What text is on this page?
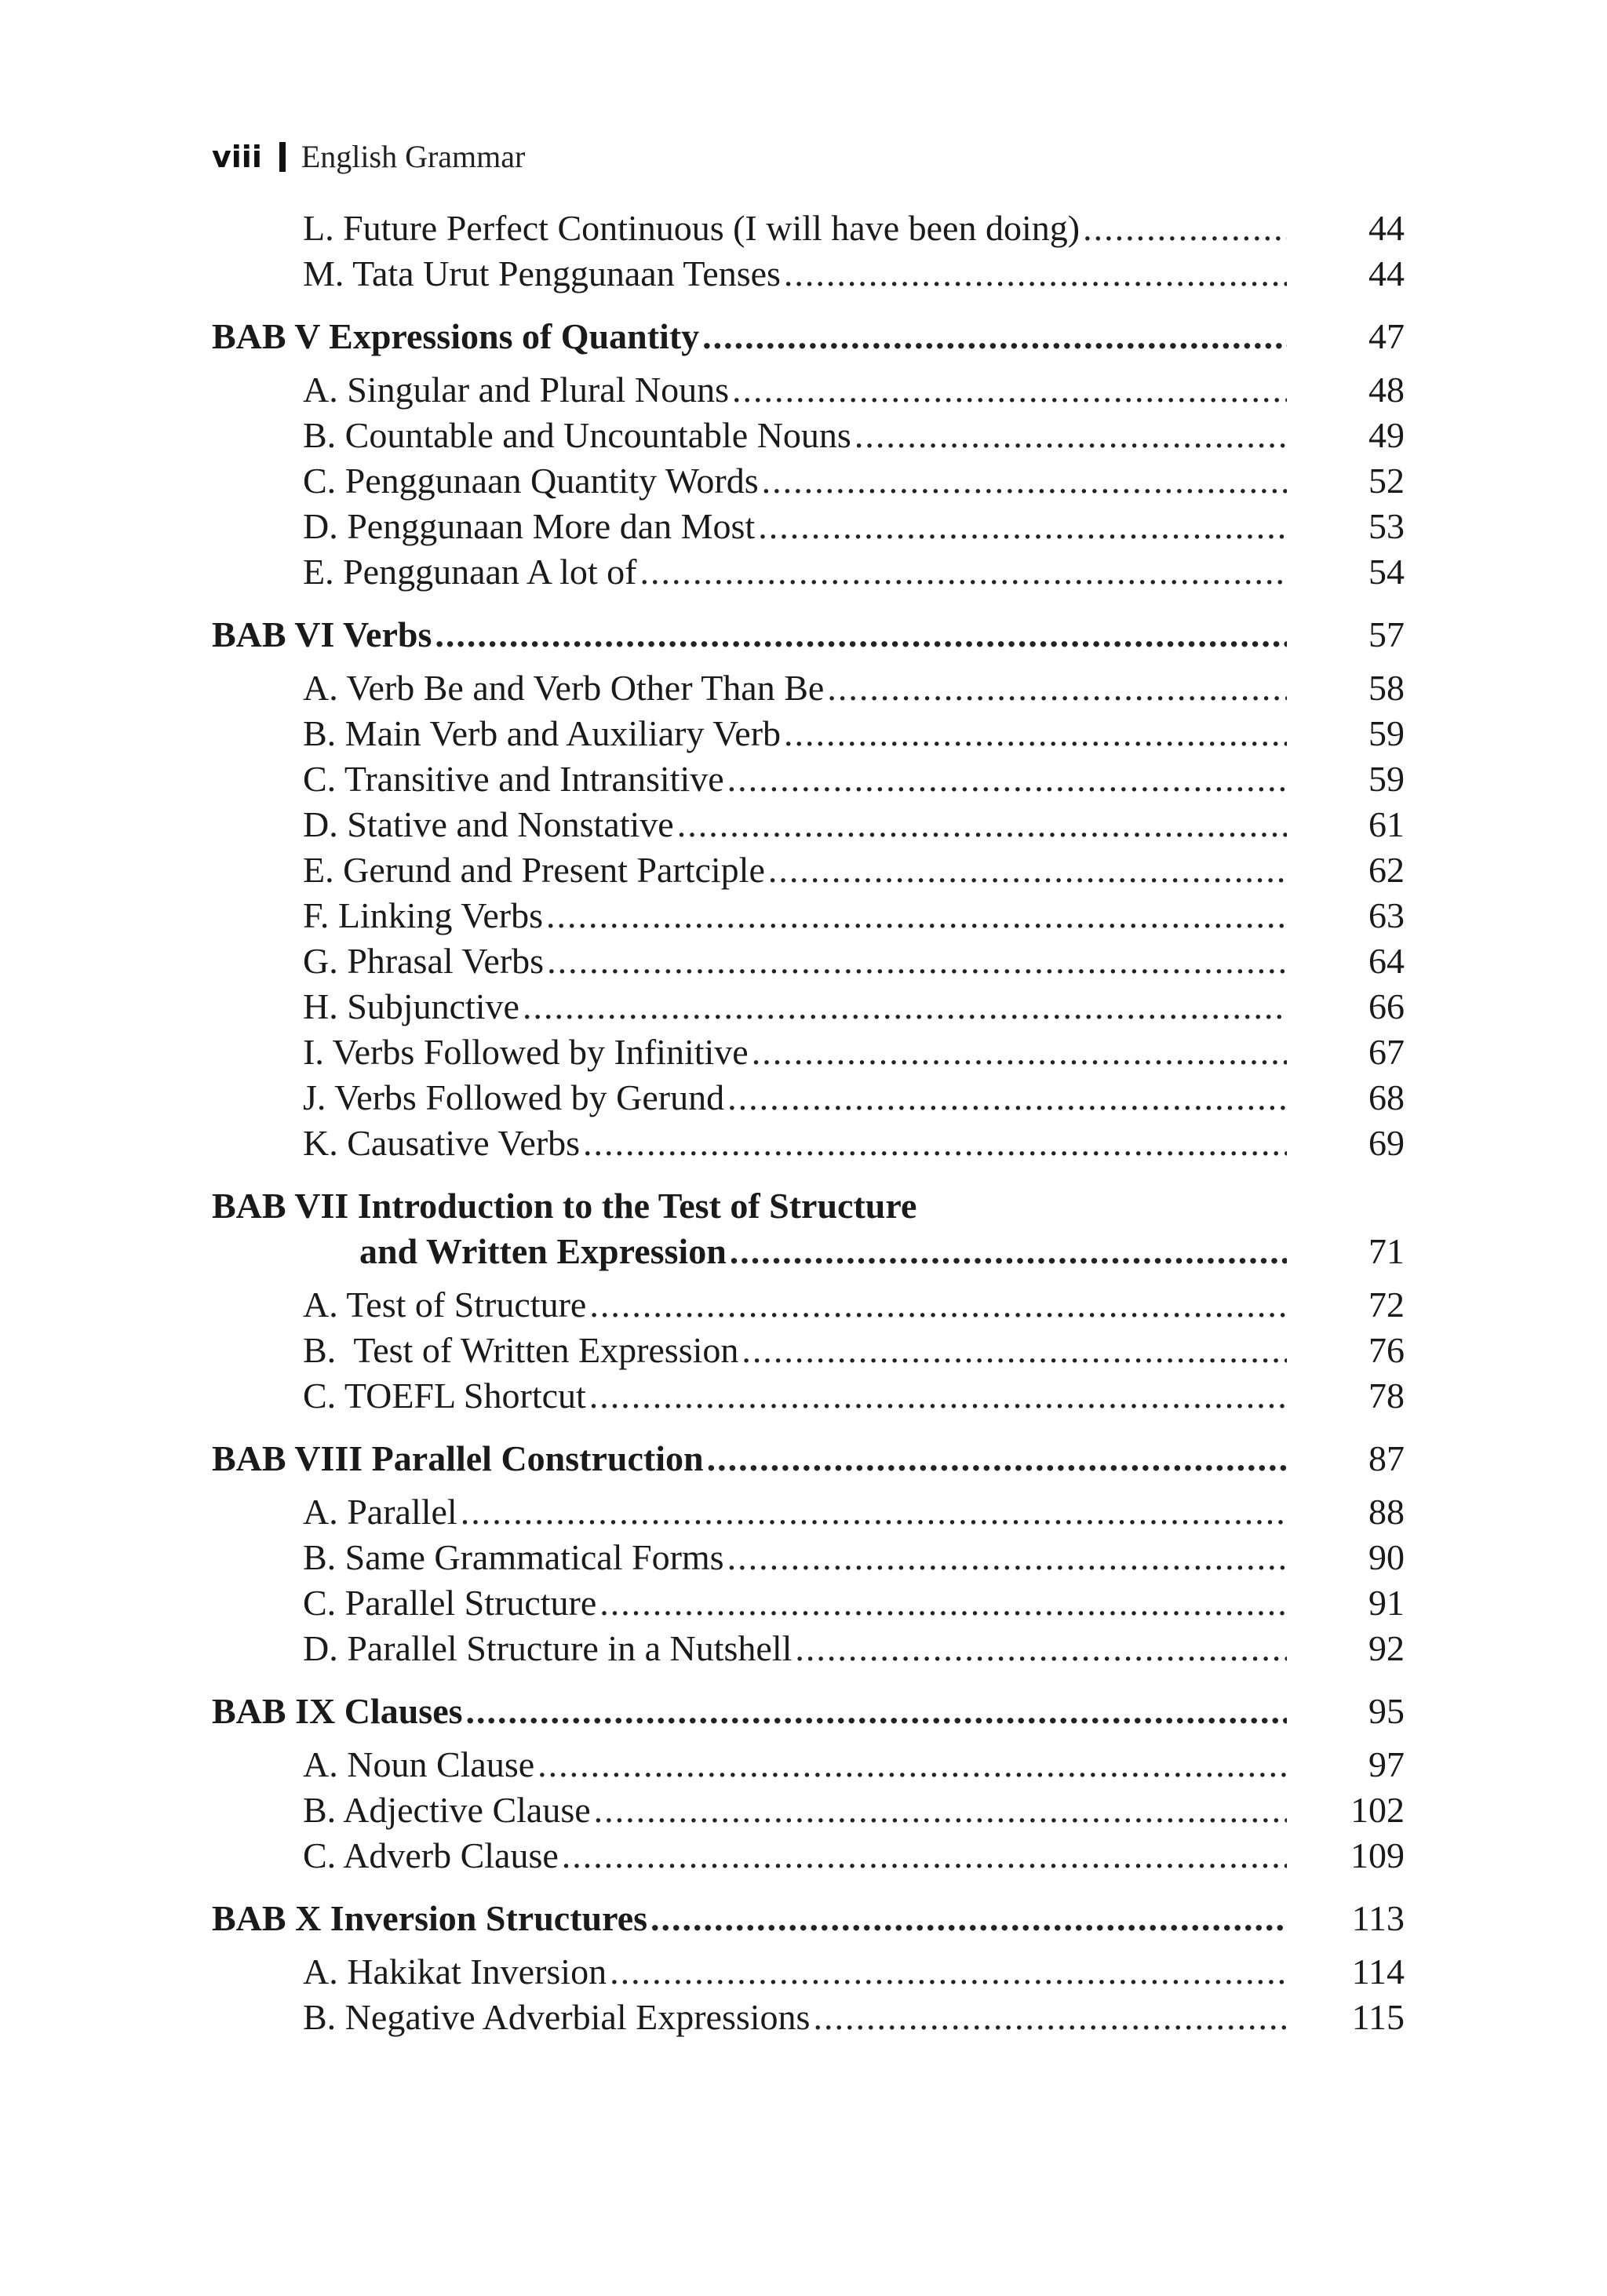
viii English Grammar
L. Future Perfect Continuous (I will have been doing) .....	44
M. Tata Urut Penggunaan Tenses .....	44
BAB V Expressions of Quantity .....	47
A. Singular and Plural Nouns .....	48
B. Countable and Uncountable Nouns .....	49
C. Penggunaan Quantity Words .....	52
D. Penggunaan More dan Most .....	53
E. Penggunaan A lot of .....	54
BAB VI Verbs .....	57
A. Verb Be and Verb Other Than Be .....	58
B. Main Verb and Auxiliary Verb .....	59
C. Transitive and Intransitive .....	59
D. Stative and Nonstative .....	61
E. Gerund and Present Partciple .....	62
F. Linking Verbs .....	63
G. Phrasal Verbs .....	64
H. Subjunctive .....	66
I. Verbs Followed by Infinitive .....	67
J. Verbs Followed by Gerund .....	68
K. Causative Verbs .....	69
BAB VII Introduction to the Test of Structure
and Written Expression .....	71
A. Test of Structure .....	72
B.  Test of Written Expression .....	76
C. TOEFL Shortcut .....	78
BAB VIII Parallel Construction .....	87
A. Parallel .....	88
B. Same Grammatical Forms .....	90
C. Parallel Structure .....	91
D. Parallel Structure in a Nutshell .....	92
BAB IX Clauses .....	95
A. Noun Clause .....	97
B. Adjective Clause .....	102
C. Adverb Clause .....	109
BAB X Inversion Structures .....	113
A. Hakikat Inversion .....	114
B. Negative Adverbial Expressions .....	115
